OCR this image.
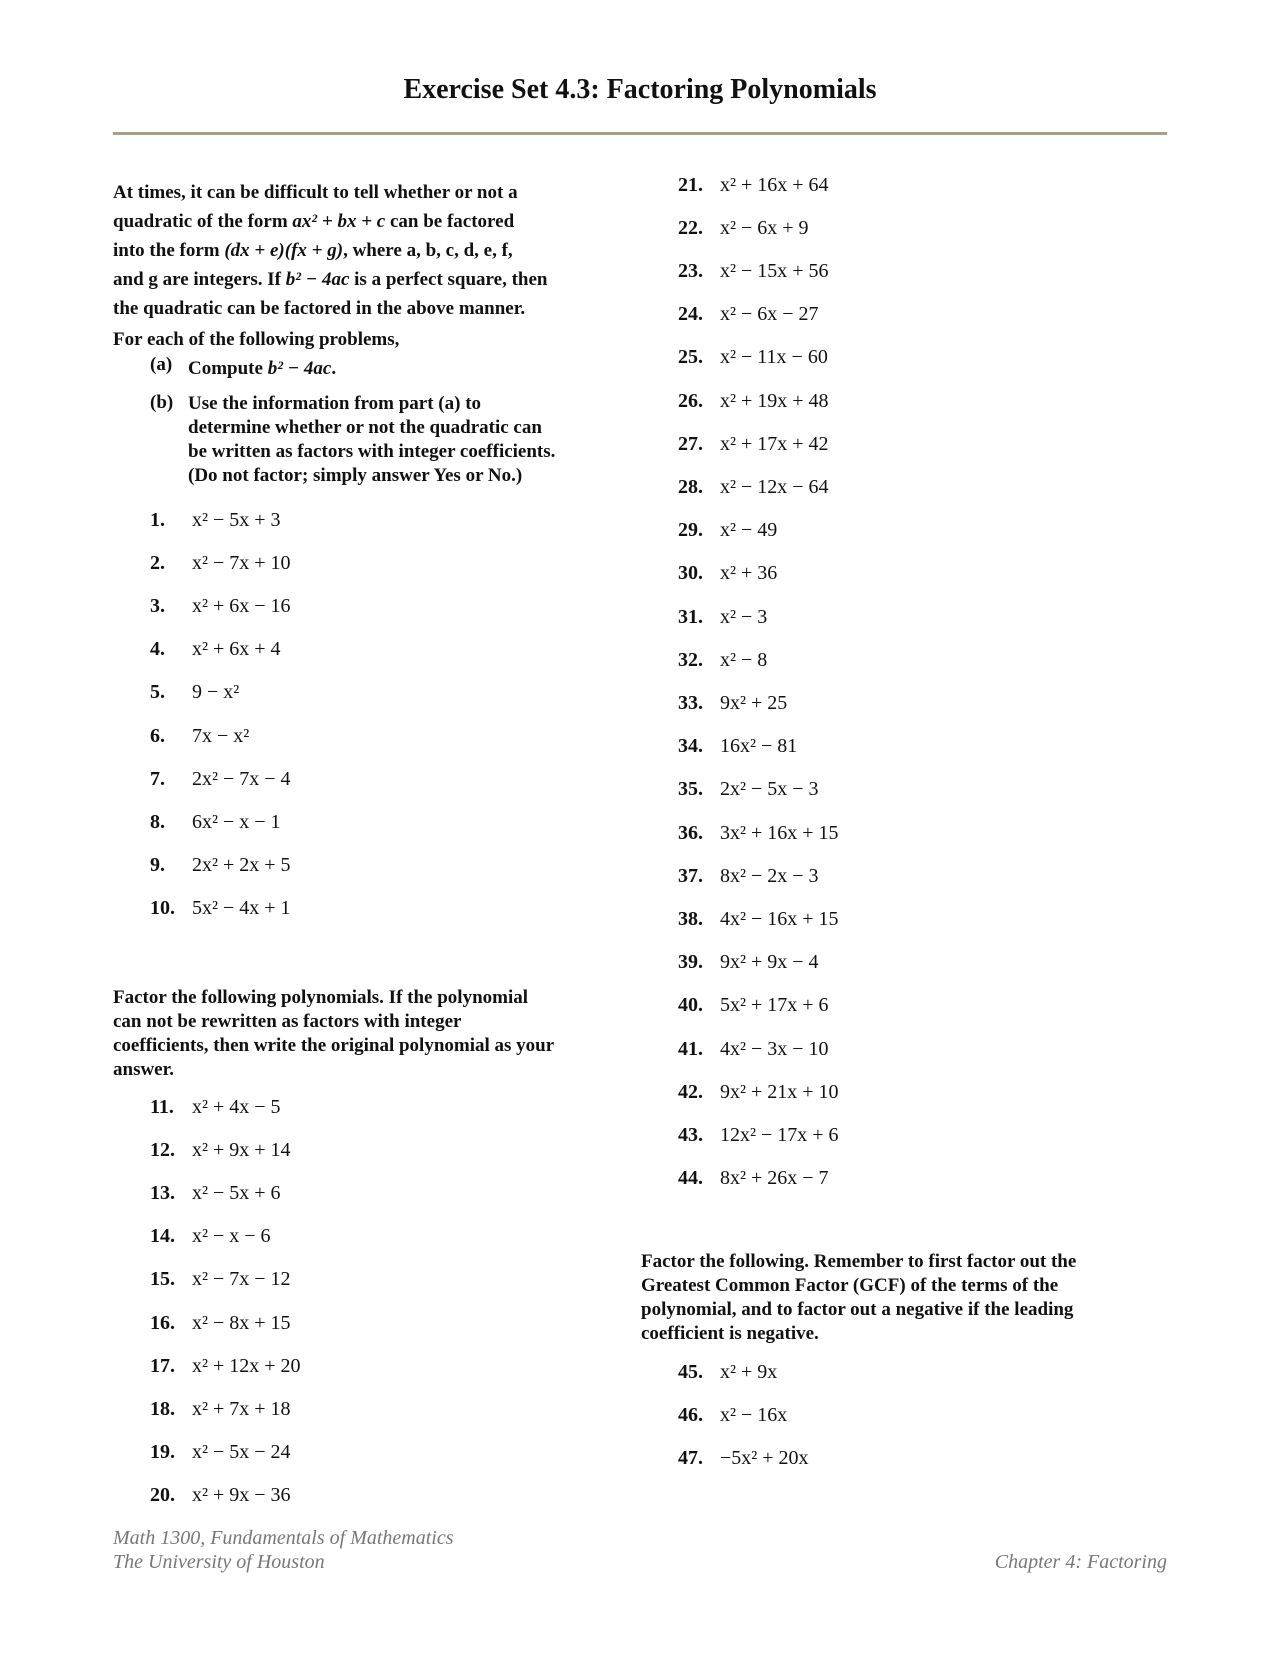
Exercise Set 4.3: Factoring Polynomials

At times, it can be difficult to tell whether or not a

quadratic of the form ax² + bx + c can be factored

into the form (dx + e)(fx + g), where a, b, c, d, e, f,

and g are integers. If b² − 4ac is a perfect square, then

the quadratic can be factored in the above manner.

For each of the following problems,

(a) Compute b² − 4ac.
(b) Use the information from part (a) to
determine whether or not the quadratic can
be written as factors with integer coefficients.
(Do not factor; simply answer Yes or No.)
1.	x² − 5x + 3
2.	x² − 7x + 10
3.	x² + 6x − 16
4.	x² + 6x + 4
5.	9 − x²
6.	7x − x²
7.	2x² − 7x − 4
8.	6x² − x − 1
9.	2x² + 2x + 5
10. 5x² − 4x + 1

Factor the following polynomials. If the polynomial

can not be rewritten as factors with integer

coefficients, then write the original polynomial as your

answer.

11. x² + 4x − 5
12. x² + 9x + 14
13. x² − 5x + 6
14. x² − x − 6
15. x² − 7x − 12
16. x² − 8x + 15
17. x² + 12x + 20
18. x² + 7x + 18
19. x² − 5x − 24
20. x² + 9x − 36
21. x² + 16x + 64
22. x² − 6x + 9
23. x² − 15x + 56
24. x² − 6x − 27
25. x² − 11x − 60
26. x² + 19x + 48
27. x² + 17x + 42
28. x² − 12x − 64
29. x² − 49
30. x² + 36
31. x² − 3
32. x² − 8
33. 9x² + 25
34. 16x² − 81
35. 2x² − 5x − 3
36. 3x² + 16x + 15
37. 8x² − 2x − 3
38. 4x² − 16x + 15
39. 9x² + 9x − 4
40. 5x² + 17x + 6
41. 4x² − 3x − 10
42. 9x² + 21x + 10
43. 12x² − 17x + 6
44. 8x² + 26x − 7

Factor the following. Remember to first factor out the

Greatest Common Factor (GCF) of the terms of the

polynomial, and to factor out a negative if the leading

coefficient is negative.

45. x² + 9x
46. x² − 16x
47. −5x² + 20x
Math 1300, Fundamentals of Mathematics
The University of Houston	Chapter 4: Factoring
